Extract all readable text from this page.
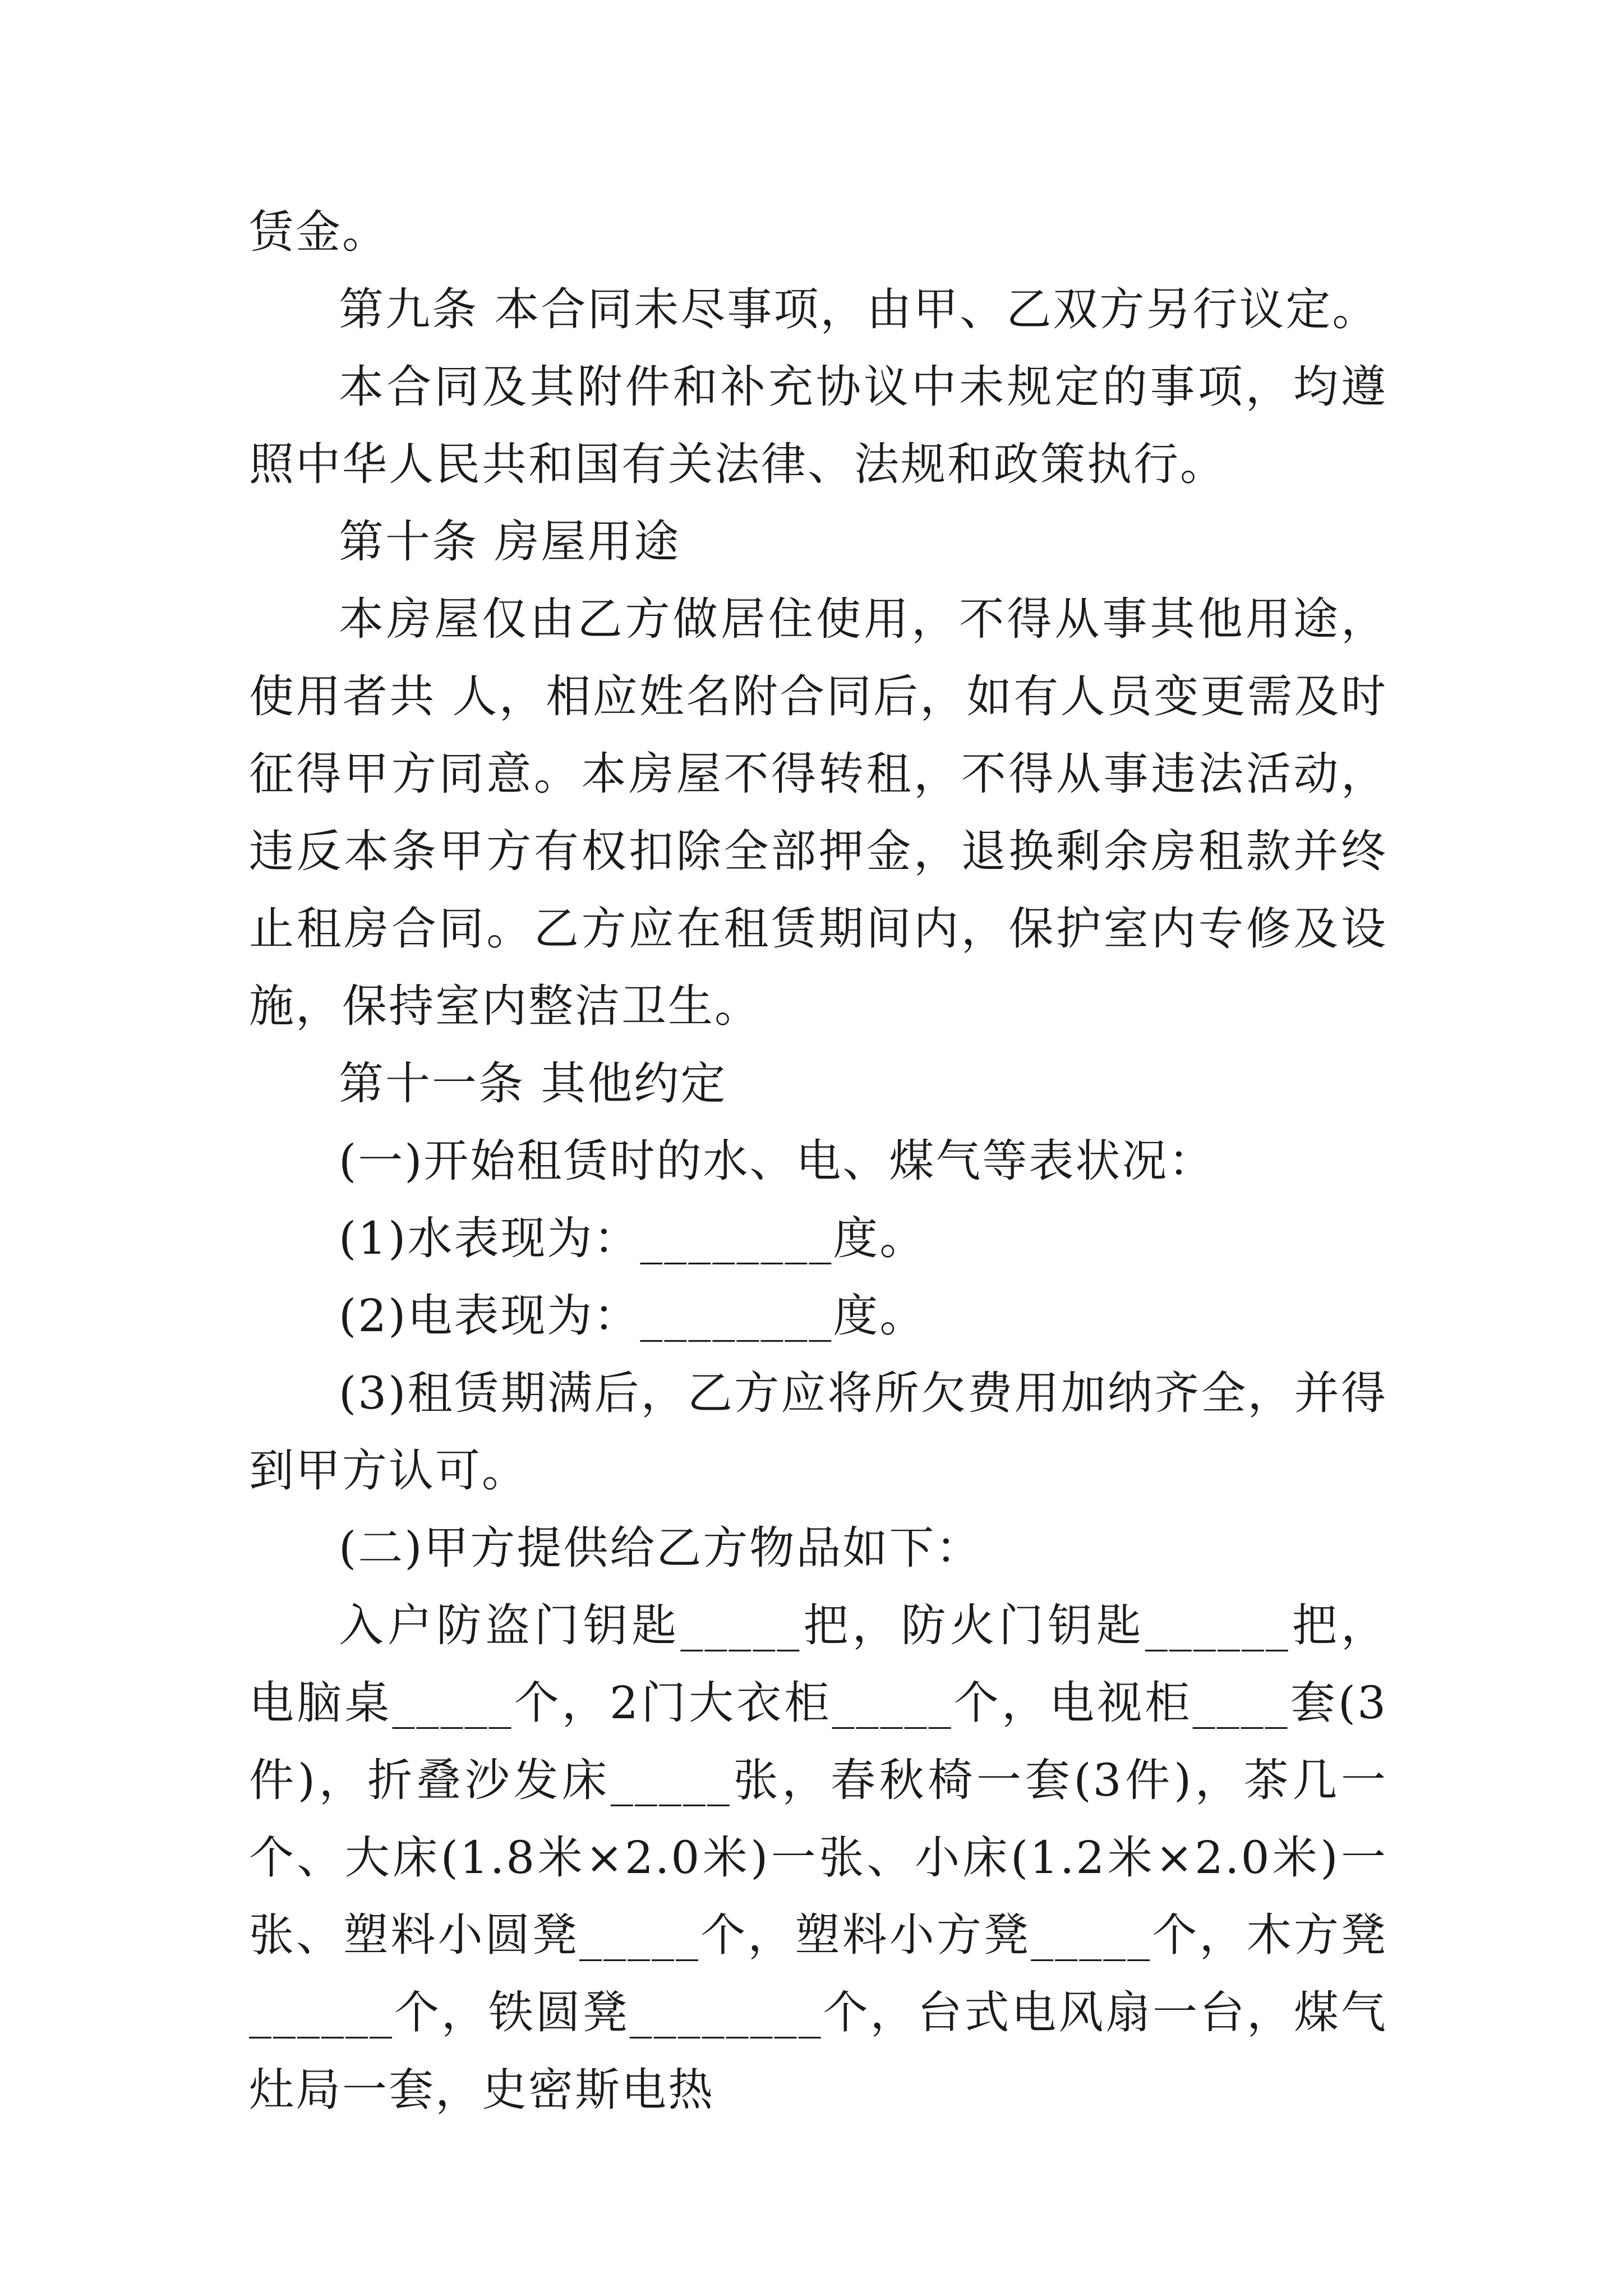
赁金。

第九条 本合同未尽事项，由甲、乙双方另行议定。

本合同及其附件和补充协议中未规定的事项，均遵照中华人民共和国有关法律、法规和政策执行。

第十条 房屋用途

本房屋仅由乙方做居住使用，不得从事其他用途，使用者共 人，相应姓名附合同后，如有人员变更需及时征得甲方同意。本房屋不得转租，不得从事违法活动，违反本条甲方有权扣除全部押金，退换剩余房租款并终止租房合同。乙方应在租赁期间内，保护室内专修及设施，保持室内整洁卫生。

第十一条 其他约定

(一)开始租赁时的水、电、煤气等表状况：

(1)水表现为：________度。

(2)电表现为：________度。

(3)租赁期满后，乙方应将所欠费用加纳齐全，并得到甲方认可。

(二)甲方提供给乙方物品如下：

入户防盗门钥匙_____把，防火门钥匙______把，电脑桌_____个，2门大衣柜_____个，电视柜____套(3件)，折叠沙发床_____张，春秋椅一套(3件)，茶几一个、大床(1.8米×2.0米)一张、小床(1.2米×2.0米)一张、塑料小圆凳_____个，塑料小方凳_____个，木方凳______个，铁圆凳________个，台式电风扇一台，煤气灶局一套，史密斯电热
